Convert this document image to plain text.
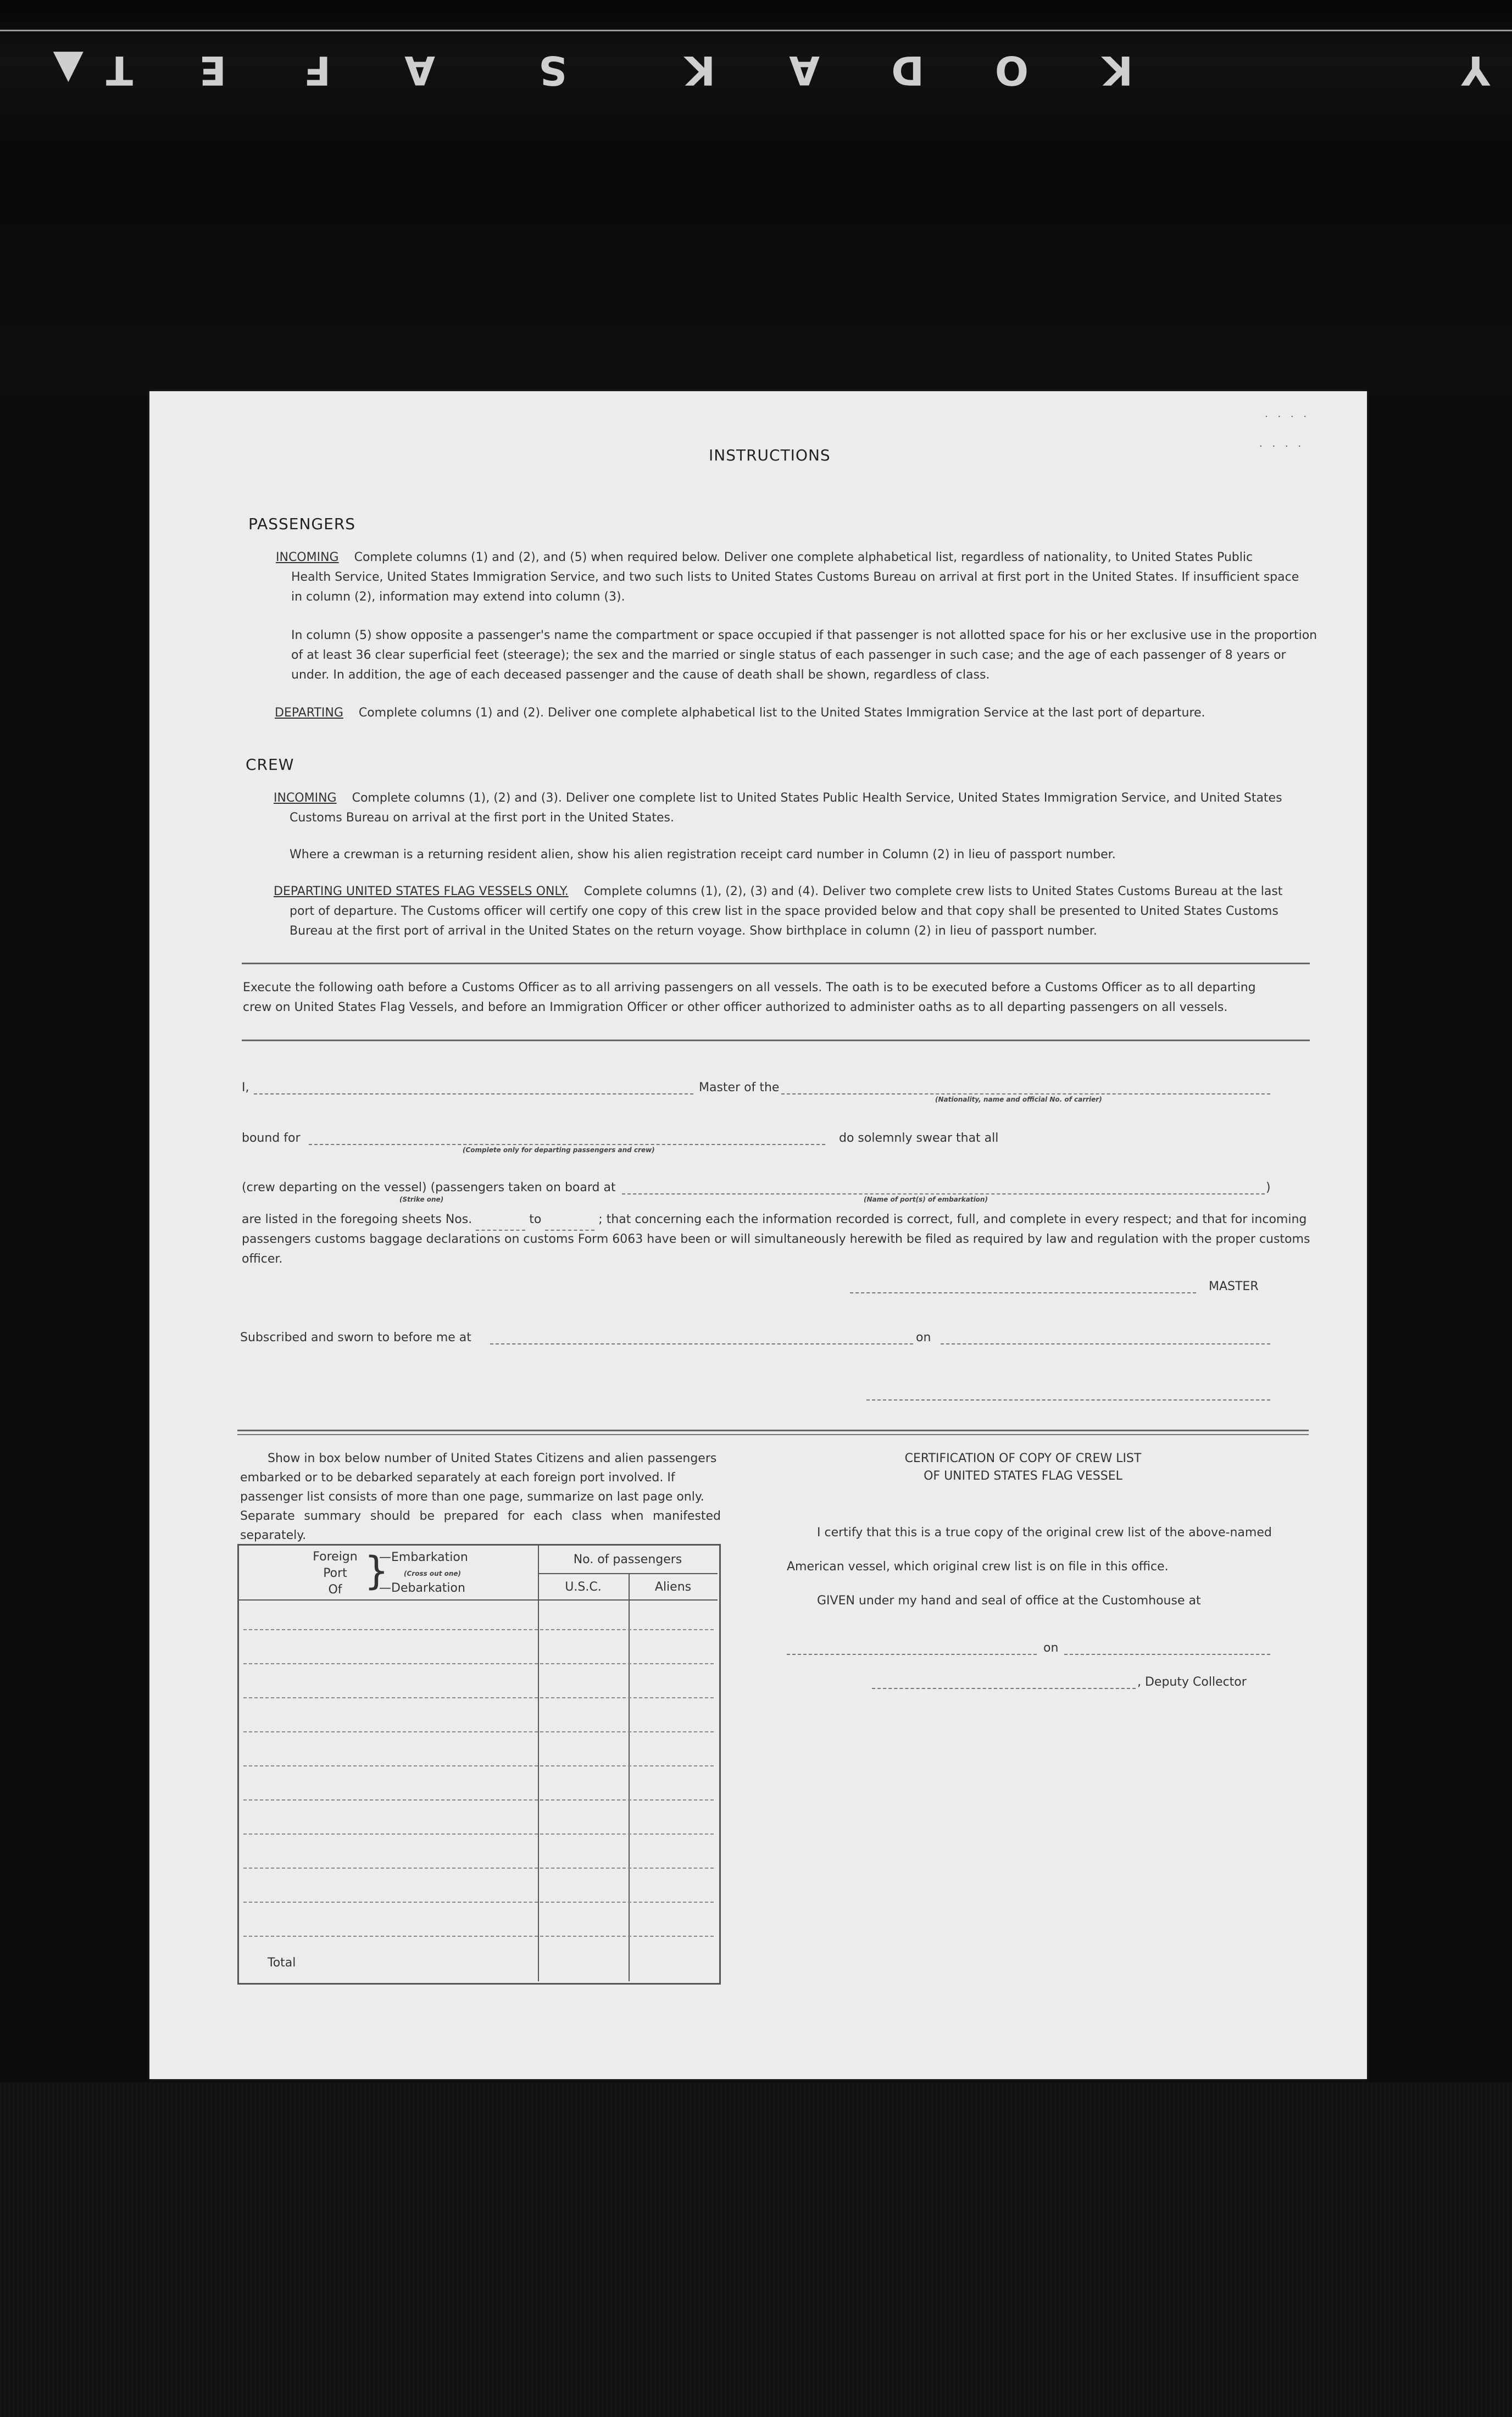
▲	K
O
D
A
K
S
A
F
E
T	Y
· · · ·
· · · ·
INSTRUCTIONS
PASSENGERS
INCOMING Complete columns (1) and (2), and (5) when required below. Deliver one complete alphabetical list, regardless of nationality, to United States Public
Health Service, United States Immigration Service, and two such lists to United States Customs Bureau on arrival at first port in the United States. If insufficient space
in column (2), information may extend into column (3).
In column (5) show opposite a passenger's name the compartment or space occupied if that passenger is not allotted space for his or her exclusive use in the proportion
of at least 36 clear superficial feet (steerage); the sex and the married or single status of each passenger in such case; and the age of each passenger of 8 years or
under. In addition, the age of each deceased passenger and the cause of death shall be shown, regardless of class.
DEPARTING Complete columns (1) and (2). Deliver one complete alphabetical list to the United States Immigration Service at the last port of departure.
CREW
INCOMING Complete columns (1), (2) and (3). Deliver one complete list to United States Public Health Service, United States Immigration Service, and United States
Customs Bureau on arrival at the first port in the United States.
Where a crewman is a returning resident alien, show his alien registration receipt card number in Column (2) in lieu of passport number.
DEPARTING UNITED STATES FLAG VESSELS ONLY. Complete columns (1), (2), (3) and (4). Deliver two complete crew lists to United States Customs Bureau at the last
port of departure. The Customs officer will certify one copy of this crew list in the space provided below and that copy shall be presented to United States Customs
Bureau at the first port of arrival in the United States on the return voyage. Show birthplace in column (2) in lieu of passport number.
Execute the following oath before a Customs Officer as to all arriving passengers on all vessels. The oath is to be executed before a Customs Officer as to all departing
crew on United States Flag Vessels, and before an Immigration Officer or other officer authorized to administer oaths as to all departing passengers on all vessels.
I,	Master of the
(Nationality, name and official No. of carrier)
bound for
(Complete only for departing passengers and crew)
do solemnly swear that all
(crew departing on the vessel) (passengers taken on board at	)
(Strike one)	(Name of port(s) of embarkation)
are listed in the foregoing sheets Nos.	to	; that concerning each the information recorded is correct, full, and complete in every respect; and that for incoming
passengers customs baggage declarations on customs Form 6063 have been or will simultaneously herewith be filed as required by law and regulation with the proper customs
officer.
MASTER
Subscribed and sworn to before me at	on
Show in box below number of United States Citizens and alien passengers
embarked or to be debarked separately at each foreign port involved. If
passenger list consists of more than one page, summarize on last page only.
Separate summary should be prepared for each class when manifested separately.
Foreign
Port
Of }
—Embarkation
(Cross out one)
—Debarkation
No. of passengers
U.S.C.	Aliens
Total
CERTIFICATION OF COPY OF CREW LIST
OF UNITED STATES FLAG VESSEL
I certify that this is a true copy of the original crew list of the above-named
American vessel, which original crew list is on file in this office.
GIVEN under my hand and seal of office at the Customhouse at
on
, Deputy Collector
